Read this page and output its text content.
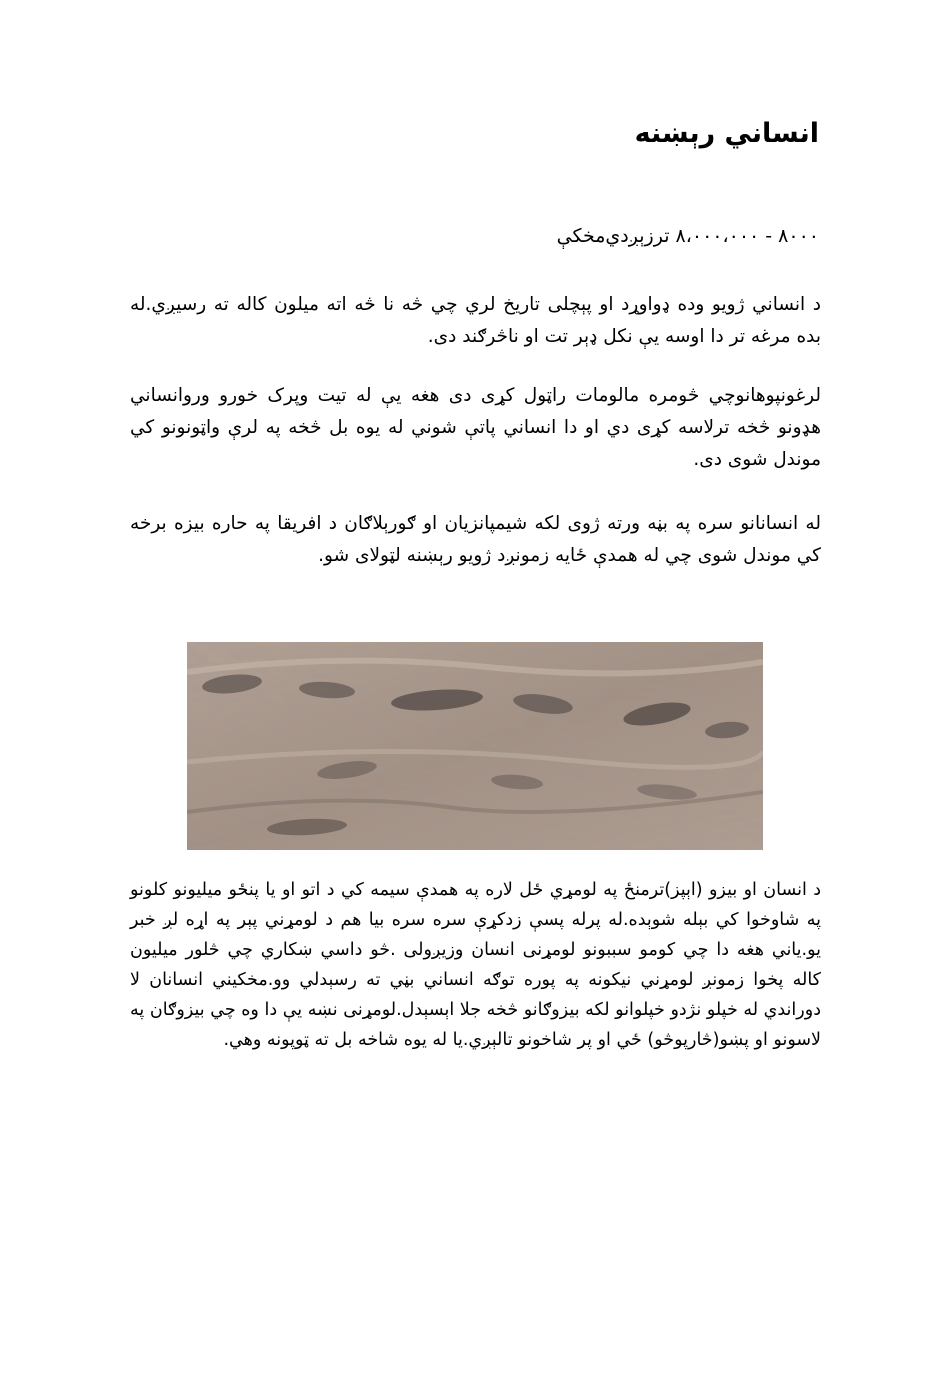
انساني رېښنه
۸۰۰۰ - ۸،۰۰۰،۰۰۰ ترزېږدي‌مخکې

د انساني ژويو وده ډواوړد او پېچلی تاريخ لري چي څه نا څه اته ميلون کاله ته رسيږي.له بده مرغه تر دا اوسه يې نکل ډېر تت او ناڅرګند دی.

لرغونپوهانوچي څومره مالومات راټول کړی دی هغه يې له تيت وپرک خورو وروانساني هډونو څخه ترلاسه کړی دي او دا انساني پاتې شوني له يوه بل څخه په لرې واټونونو کي موندل شوی دی.

له انسانانو سره په بڼه ورته ژوی لکه شيمپانزيان او ګورېلاګان د افريقا په حاره بيزه برخه کي موندل شوی چي له همدې ځايه زمونږد ژويو رېښنه لټولای شو.

د انسان او بيزو (اېپز)ترمنځ په لومړي ځل لاره په همدې سيمه کي د اتو او يا پنځو ميليونو کلونو په شاوخوا کي بېله شوېده.له پرله پسې زدکړې سره سره بيا هم د لومړني پېر په اړه لږ خبر يو.ياني هغه دا چي کومو سببونو لومړنی انسان وزيږولی .څو داسي ښکاري چي څلور ميليون کاله پخوا زمونږ لومړني نيکونه په پوره توګه انساني بڼي ته رسېدلي وو.مخکيني انسانان لا دوراندي له خپلو نژدو خپلوانو لکه بيزوګانو څخه جلا اېسېدل.لومړنی نښه يې دا وه چي بيزوګان په لاسونو او پښو(څارپوڅو) ځي او پر شاخونو تالېږي.يا له يوه شاخه بل ته ټوپونه وهي.
